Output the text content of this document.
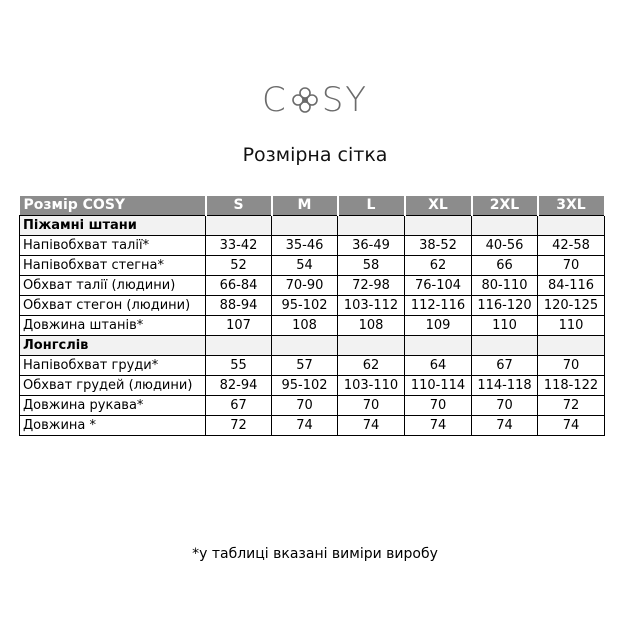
C SY
Розмірна сітка
Розмір COSY	S	M	L	XL	2XL	3XL
Піжамні штани						
Напівобхват талії*	33-42	35-46	36-49	38-52	40-56	42-58
Напівобхват стегна*	52	54	58	62	66	70
Обхват талії (людини)	66-84	70-90	72-98	76-104	80-110	84-116
Обхват стегон (людини)	88-94	95-102	103-112	112-116	116-120	120-125
Довжина штанів*	107	108	108	109	110	110
Лонгслів						
Напівобхват груди*	55	57	62	64	67	70
Обхват грудей (людини)	82-94	95-102	103-110	110-114	114-118	118-122
Довжина рукава*	67	70	70	70	70	72
Довжина *	72	74	74	74	74	74
*у таблиці вказані виміри виробу
